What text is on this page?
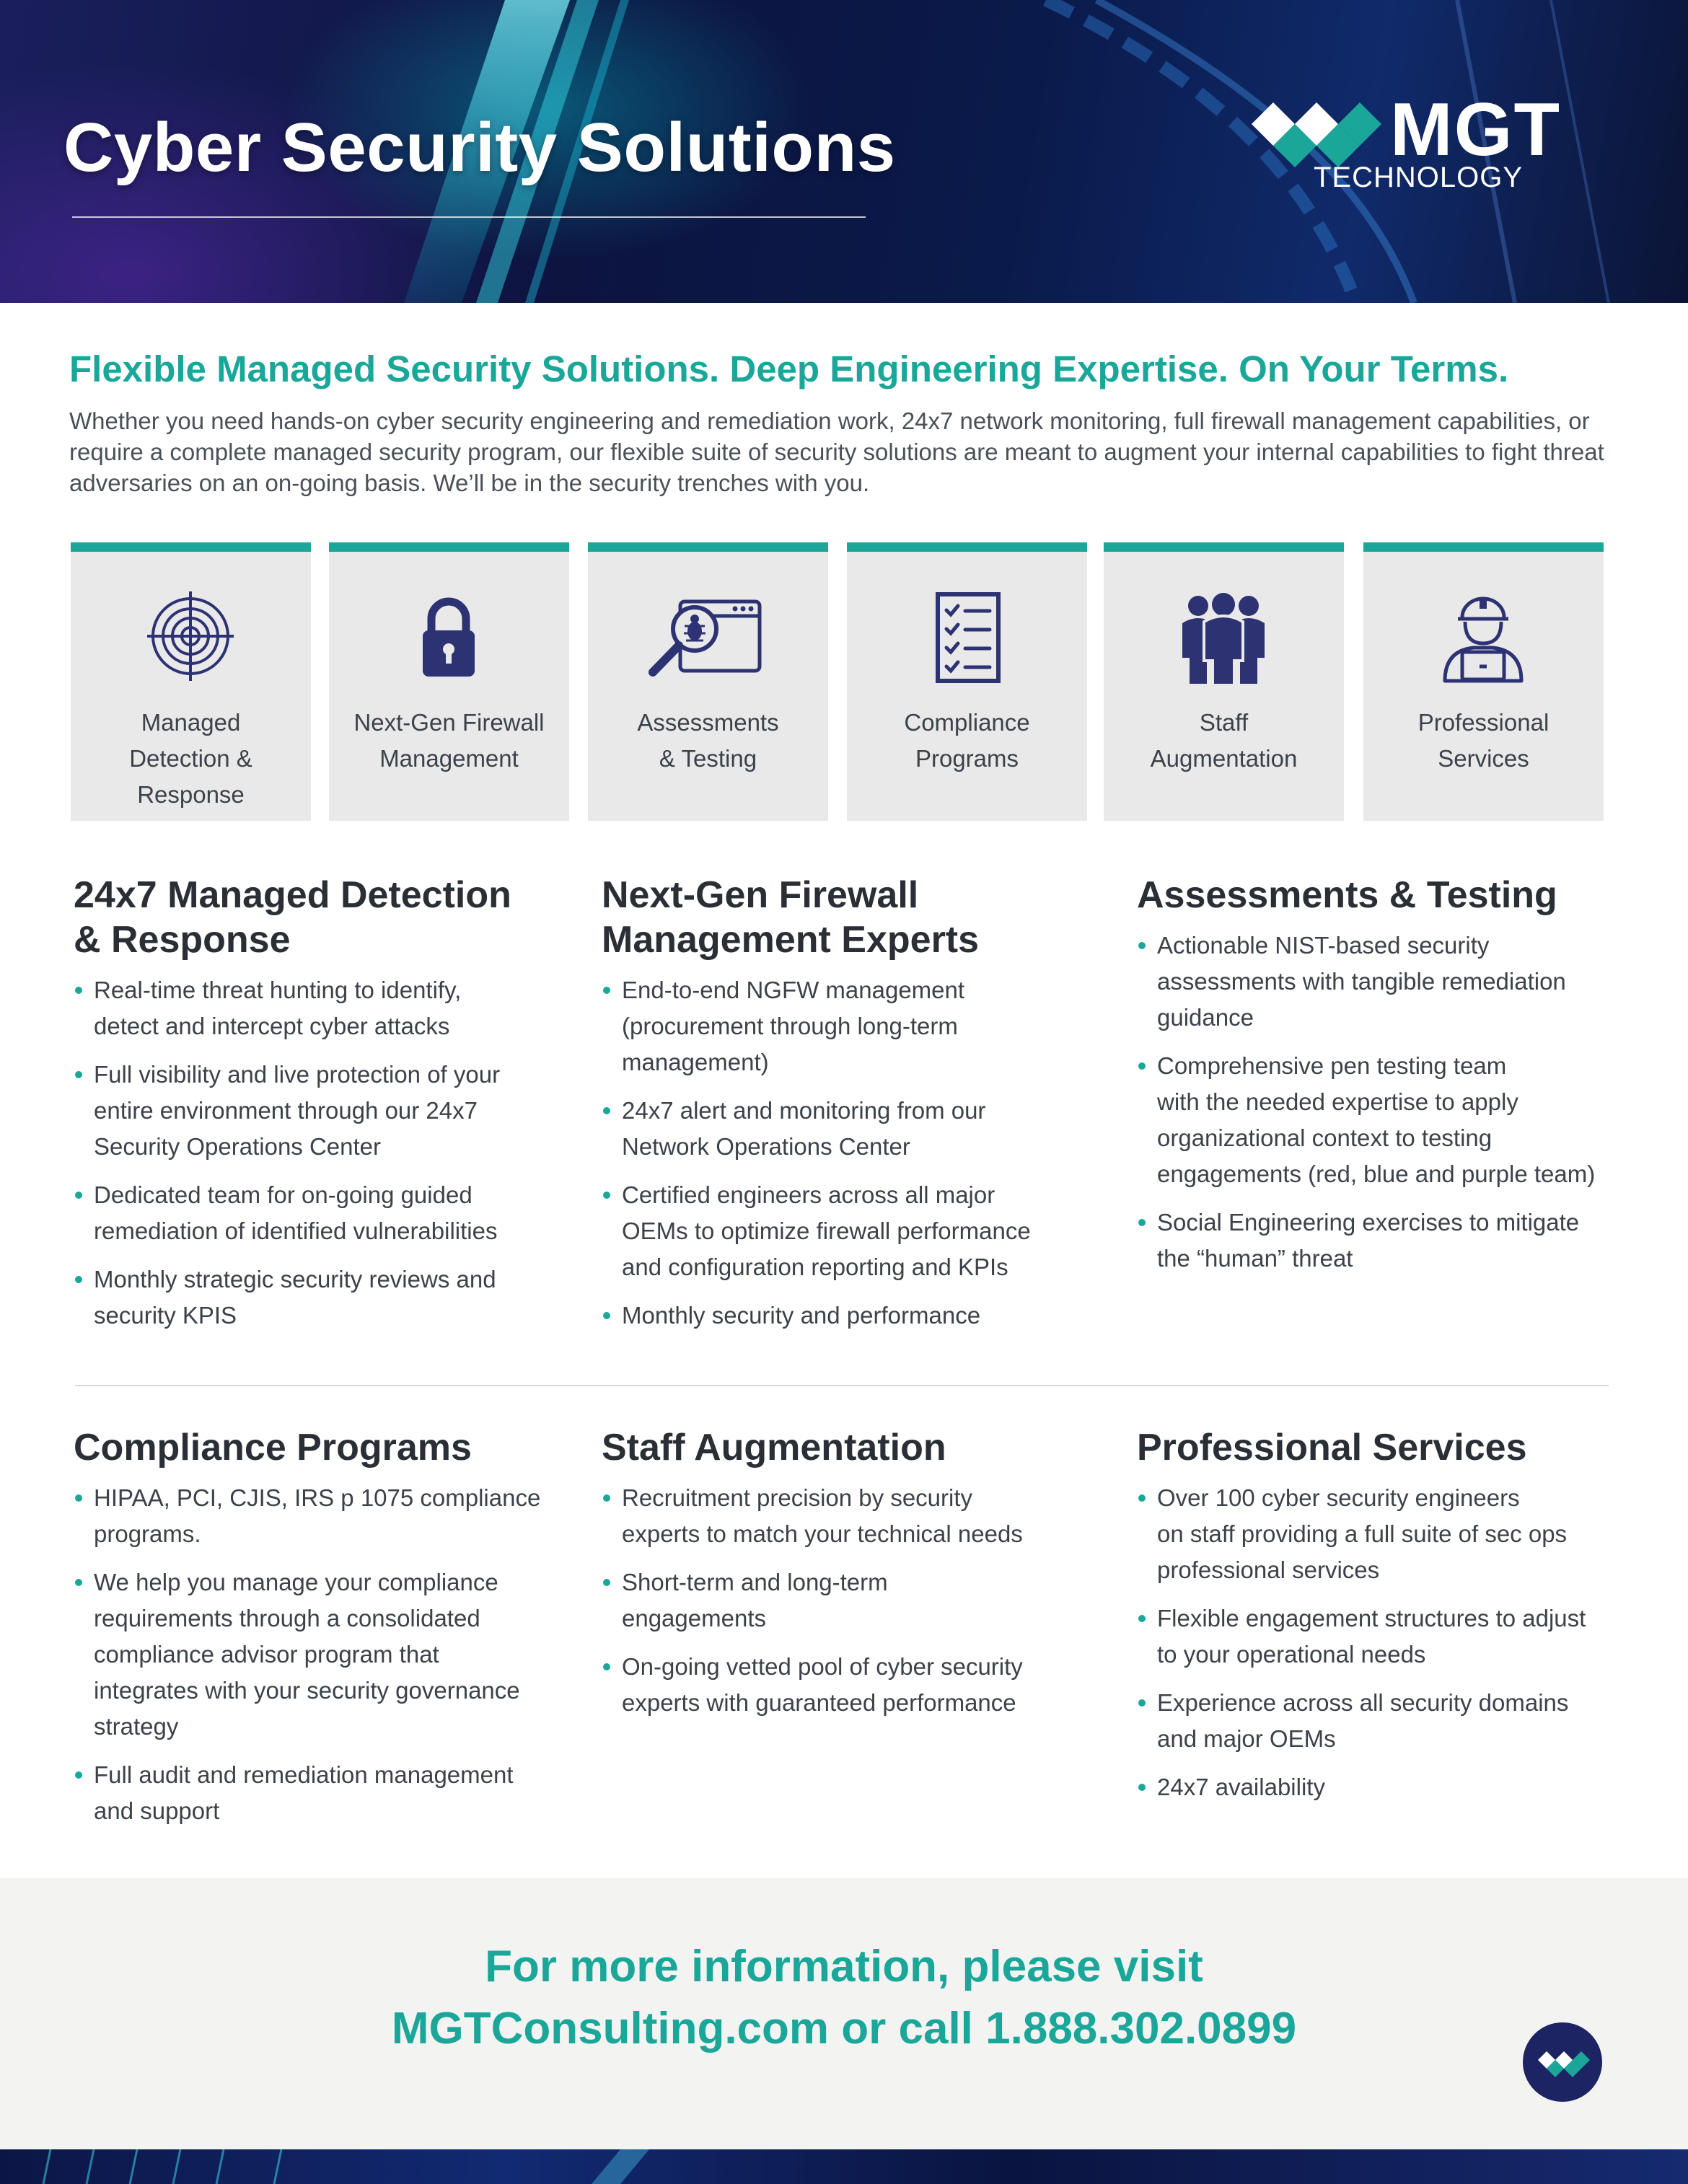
Cyber Security Solutions	MGT
TECHNOLOGY
Flexible Managed Security Solutions. Deep Engineering Expertise. On Your Terms.

Whether you need hands-on cyber security engineering and remediation work, 24x7 network monitoring, full firewall management capabilities, or require a complete managed security program, our flexible suite of security solutions are meant to augment your internal capabilities to fight threat adversaries on an on-going basis. We’ll be in the security trenches with you.

Managed
Detection &
Response
Next-Gen Firewall
Management
Assessments
& Testing
Compliance
Programs
Staff
Augmentation
Professional
Services
24x7 Managed Detection
& Response
Real-time threat hunting to identify,
detect and intercept cyber attacks
Full visibility and live protection of your
entire environment through our 24x7
Security Operations Center
Dedicated team for on-going guided
remediation of identified vulnerabilities
Monthly strategic security reviews and
security KPIS
Next-Gen Firewall
Management Experts
End-to-end NGFW management
(procurement through long-term
management)
24x7 alert and monitoring from our
Network Operations Center
Certified engineers across all major
OEMs to optimize firewall performance
and configuration reporting and KPIs
Monthly security and performance
Assessments & Testing
Actionable NIST-based security
assessments with tangible remediation
guidance
Comprehensive pen testing team
with the needed expertise to apply
organizational context to testing
engagements (red, blue and purple team)
Social Engineering exercises to mitigate
the “human” threat
Compliance Programs
HIPAA, PCI, CJIS, IRS p 1075 compliance
programs.
We help you manage your compliance
requirements through a consolidated
compliance advisor program that
integrates with your security governance
strategy
Full audit and remediation management
and support
Staff Augmentation
Recruitment precision by security
experts to match your technical needs
Short-term and long-term
engagements
On-going vetted pool of cyber security
experts with guaranteed performance
Professional Services
Over 100 cyber security engineers
on staff providing a full suite of sec ops
professional services
Flexible engagement structures to adjust
to your operational needs
Experience across all security domains
and major OEMs
24x7 availability

For more information, please visit
MGTConsulting.com or call 1.888.302.0899
